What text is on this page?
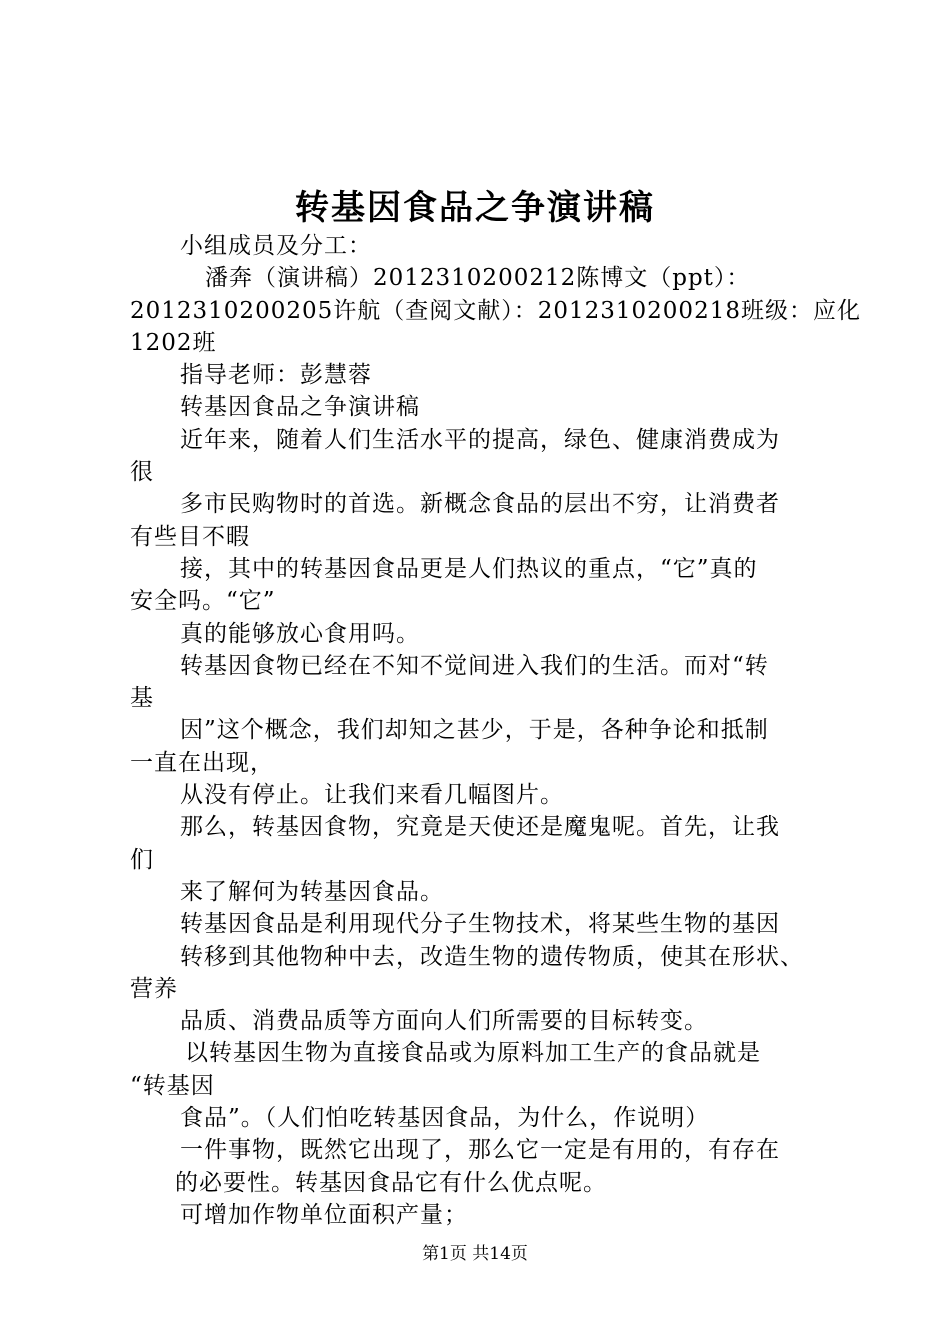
转基因食品之争演讲稿
小组成员及分工：
潘奔（演讲稿）2012310200212陈博文（ppt）：
2012310200205许航（查阅文献）：2012310200218班级：应化
1202班
指导老师：彭慧蓉
转基因食品之争演讲稿
近年来，随着人们生活水平的提高，绿色、健康消费成为
很
多市民购物时的首选。新概念食品的层出不穷，让消费者
有些目不暇
接，其中的转基因食品更是人们热议的重点，“它”真的
安全吗。“它”
真的能够放心食用吗。
转基因食物已经在不知不觉间进入我们的生活。而对“转
基
因”这个概念，我们却知之甚少，于是，各种争论和抵制
一直在出现，
从没有停止。让我们来看几幅图片。
那么，转基因食物，究竟是天使还是魔鬼呢。首先，让我
们
来了解何为转基因食品。
转基因食品是利用现代分子生物技术，将某些生物的基因
转移到其他物种中去，改造生物的遗传物质，使其在形状、
营养
品质、消费品质等方面向人们所需要的目标转变。
以转基因生物为直接食品或为原料加工生产的食品就是
“转基因
食品”。（人们怕吃转基因食品，为什么，作说明）
一件事物，既然它出现了，那么它一定是有用的，有存在
的必要性。转基因食品它有什么优点呢。
可增加作物单位面积产量；
第1页 共14页
